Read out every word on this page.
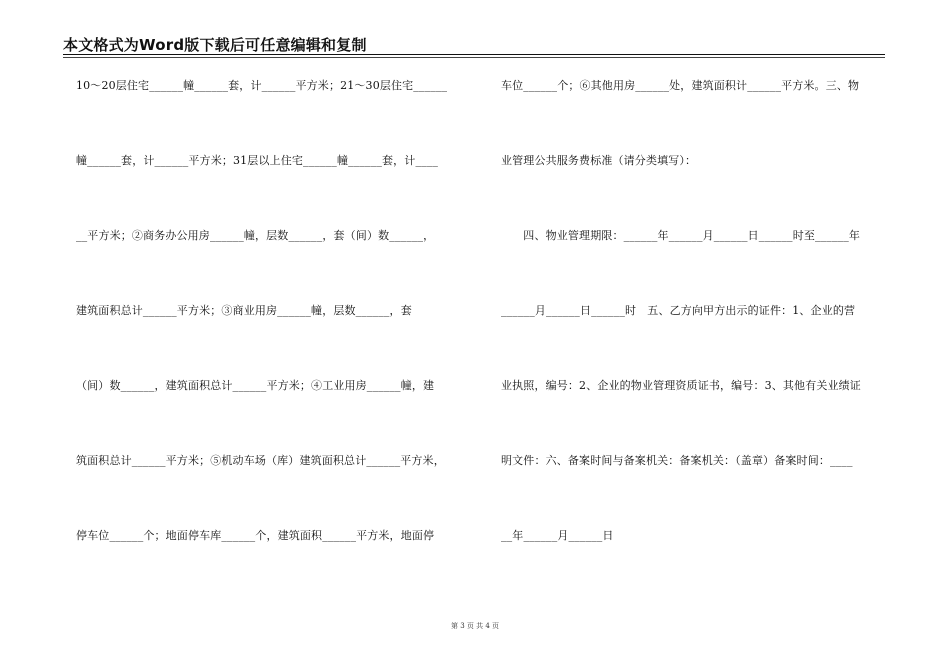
本文格式为Word版下载后可任意编辑和复制
10～20层住宅______幢______套，计______平方米；21～30层住宅______
幢______套，计______平方米；31层以上住宅______幢______套，计____
__平方米；②商务办公用房______幢，层数______，套（间）数______，
建筑面积总计______平方米；③商业用房______幢，层数______，套
（间）数______，建筑面积总计______平方米；④工业用房______幢，建
筑面积总计______平方米；⑤机动车场（库）建筑面积总计______平方米，
停车位______个；地面停车库______个，建筑面积______平方米，地面停
车位______个；⑥其他用房______处，建筑面积计______平方米。三、物
业管理公共服务费标准（请分类填写）：
　　四、物业管理期限：______年______月______日______时至______年
______月______日______时　五、乙方向甲方出示的证件：1、企业的营
业执照，编号：2、企业的物业管理资质证书，编号：3、其他有关业绩证
明文件：六、备案时间与备案机关：备案机关：（盖章）备案时间：____
__年______月______日
第 3 页 共 4 页
